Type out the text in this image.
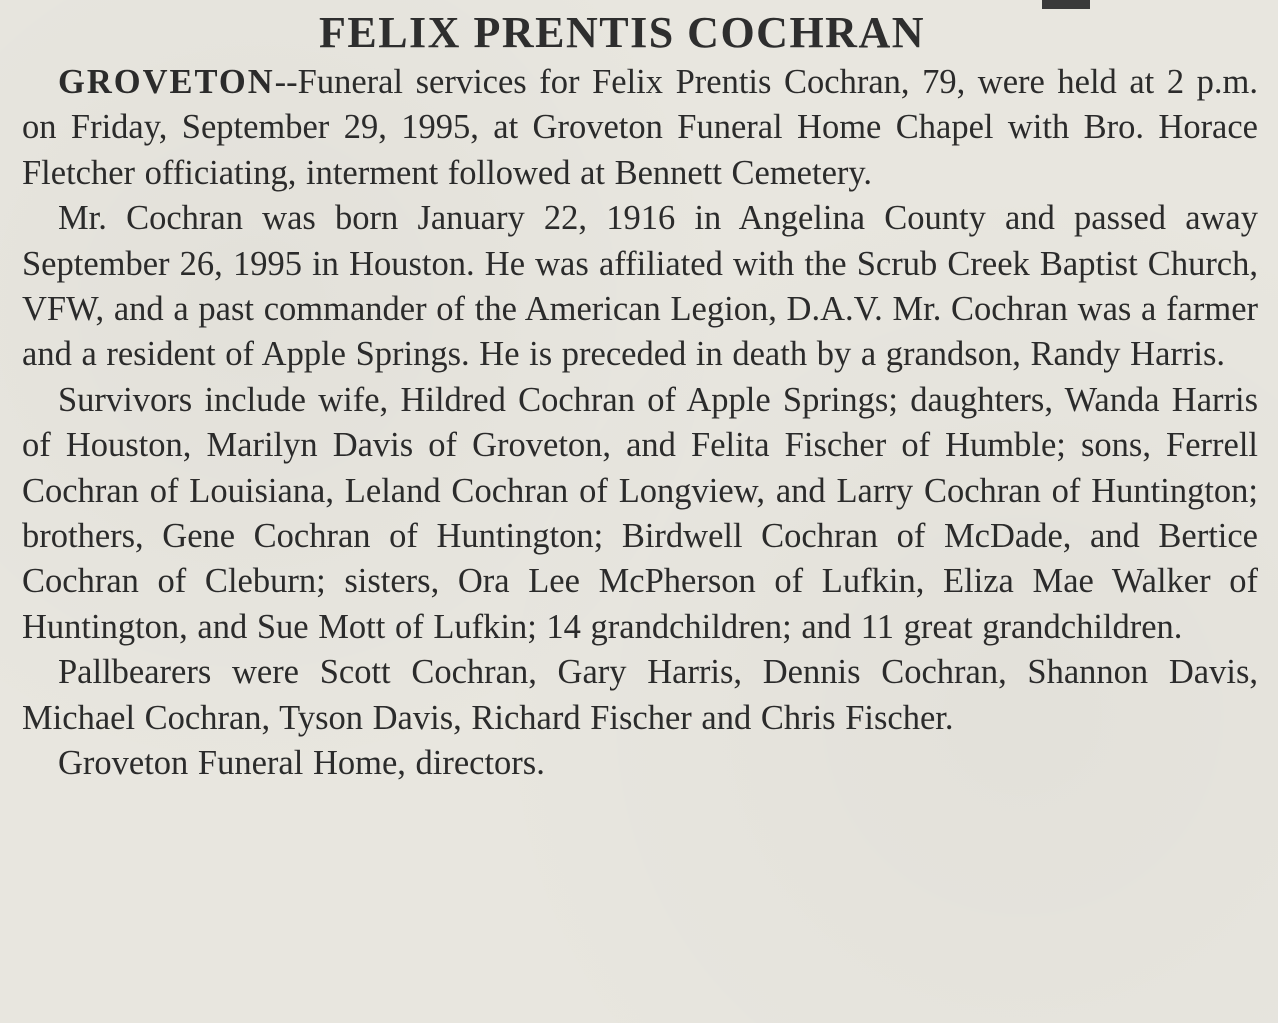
FELIX PRENTIS COCHRAN

GROVETON--Funeral services for Felix Prentis Cochran, 79, were held at 2 p.m. on Friday, September 29, 1995, at Groveton Funeral Home Chapel with Bro. Horace Fletcher officiating, interment followed at Bennett Cemetery.

Mr. Cochran was born January 22, 1916 in Angelina County and passed away September 26, 1995 in Houston. He was affiliated with the Scrub Creek Baptist Church, VFW, and a past commander of the American Legion, D.A.V. Mr. Cochran was a farmer and a resident of Apple Springs. He is preceded in death by a grandson, Randy Harris.

Survivors include wife, Hildred Cochran of Apple Springs; daughters, Wanda Harris of Houston, Marilyn Davis of Groveton, and Felita Fischer of Humble; sons, Ferrell Cochran of Louisiana, Leland Cochran of Longview, and Larry Cochran of Huntington; brothers, Gene Cochran of Huntington; Birdwell Cochran of McDade, and Bertice Cochran of Cleburn; sisters, Ora Lee McPherson of Lufkin, Eliza Mae Walker of Huntington, and Sue Mott of Lufkin; 14 grandchildren; and 11 great grandchildren.

Pallbearers were Scott Cochran, Gary Harris, Dennis Cochran, Shannon Davis, Michael Cochran, Tyson Davis, Richard Fischer and Chris Fischer.

Groveton Funeral Home, directors.
